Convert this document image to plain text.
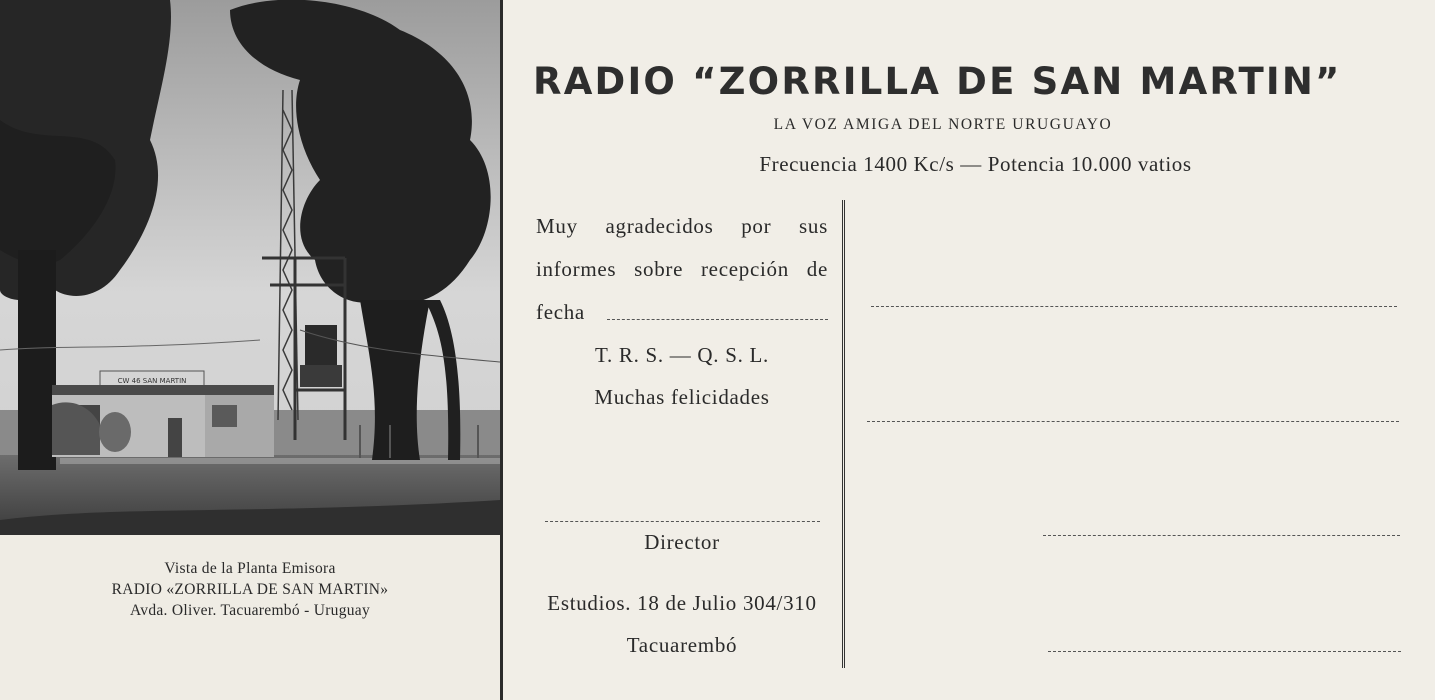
CW 46 SAN MARTIN
Vista de la Planta Emisora
RADIO «ZORRILLA DE SAN MARTIN»
Avda. Oliver. Tacuarembó - Uruguay
RADIO “ZORRILLA DE SAN MARTIN”
LA VOZ AMIGA DEL NORTE URUGUAYO
Frecuencia 1400 Kc/s — Potencia 10.000 vatios
Muy agradecidos por sus
informes sobre recepción de
fecha
T. R. S. — Q. S. L.
Muchas felicidades
Director
Estudios. 18 de Julio 304/310
Tacuarembó
